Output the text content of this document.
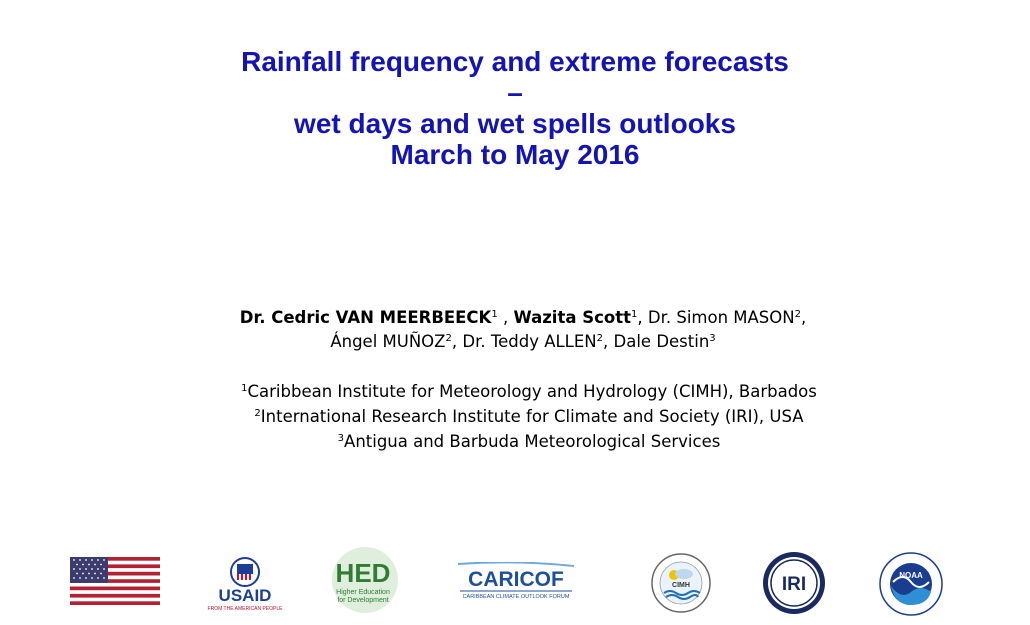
Rainfall frequency and extreme forecasts
–
wet days and wet spells outlooks
March to May 2016
Dr. Cedric VAN MEERBEECK$^1$ , Wazita Scott$^1$, Dr. Simon MASON$^2$,
Ángel MUÑOZ$^2$, Dr. Teddy ALLEN$^2$, Dale Destin$^3$
$^1$Caribbean Institute for Meteorology and Hydrology (CIMH), Barbados
$^2$International Research Institute for Climate and Society (IRI), USA
$^3$Antigua and Barbuda Meteorological Services
USAID
FROM THE AMERICAN PEOPLE
HED
Higher Education
for Development
CARICOF
CARIBBEAN CLIMATE OUTLOOK FORUM
CIMH	IRI	NOAA
